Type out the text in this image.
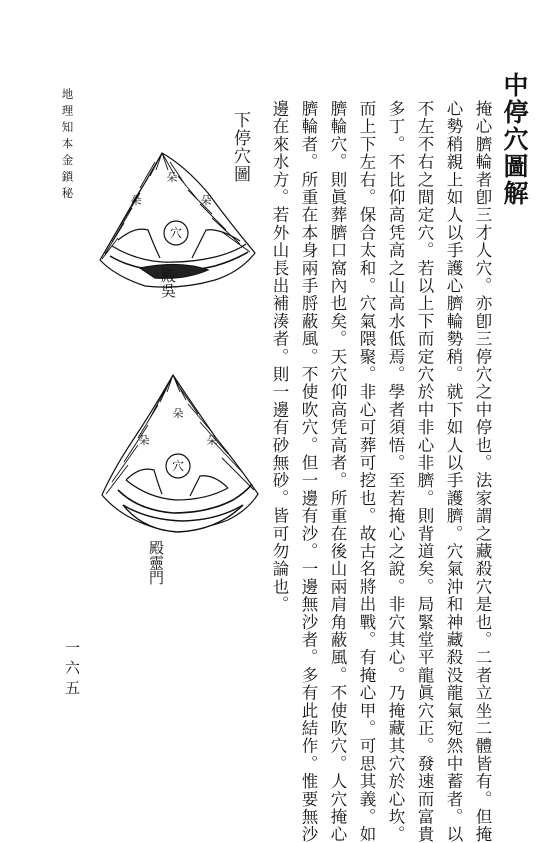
中停穴圖解
掩心臍輪者卽三才人穴。亦卽三停穴之中停也。法家謂之藏殺穴是也。二者立坐二體皆有。但掩
心勢稍親上如人以手護心臍輪勢稍。就下如人以手護臍。穴氣沖和神藏殺没龍氣宛然中蓄者。以
不左不右之間定穴。若以上下而定穴於中非心非臍。則背道矣。局緊堂平龍眞穴正。發速而富貴
多丁。不比仰高凭高之山高水低焉。學者須悟。至若掩心之說。非穴其心。乃掩藏其穴於心坎。
而上下左右。保合太和。穴氣隈聚。非心可葬可挖也。故古名將出戰。有掩心甲。可思其義。如
臍輪穴。則眞葬臍口窩內也矣。天穴仰高凭高者。所重在後山兩肩角蔽風。不使吹穴。人穴掩心
臍輪者。所重在本身兩手脟蔽風。不使吹穴。但一邊有沙。一邊無沙者。多有此結作。惟要無沙
邊在來水方。若外山長出補湊者。則一邊有砂無砂。皆可勿論也。
地理知本金鎖秘	下停穴圖
一六五
朵
朵	朵
穴
殿吳
朵
朵	朵
穴
殿靈門
